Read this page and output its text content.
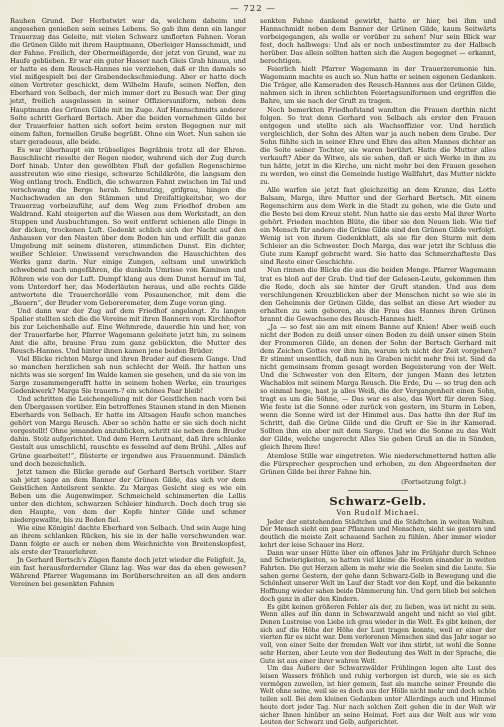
— 722 —

Rauhen Grund. Der Herbstwirt war da, welchem daheim und angesehen genießen sein seines Lebens. So gab ihm denn ein langer Trauerzug das Geleite, mit vielen Schwarz umflorten Fahnen. Voran die Grünen Gilde mit ihrem Hauptmann, Oberleiger Hansschmidt, und der Fahne. Freilich, der Obermeißigerde, der jetzt von Grund, war zu Haufe geblieben. Er war ein guter Hasser nach Gleis Grab hinaus, und er hatte es dem Reusch-Hannes nie verziehen, daß er ihn damals so viel mißgespielt bei der Grabendeckschmiedung. Aber er hatte doch einen Vertreter geschickt, dem Wilhelm Haufe, seinen Neffen, den Eberhard von Selbach, der mich immer dort zu Besuch war. Der ging jetzt, freilich ausgelassen in seiner Offiziersuniform, neben dem Hauptmann des Grünen Gilde mit im Zuge. Auf Hannschmidts anderer Seite schritt Gerhard Bertsch. Aber die beiden vornehmen Gilde bei der Trauerfeier hatten sich sofort beim ersten Begegnen nur mit einem falten, formellen Gruße begrüßt. Ohne ein Wort. Nun sahen sie starr geradeaus, alle beide.

Es war überhaupt ein trübseliges Begräbnis trotz all der Ehren. Bauschlischt rieselte der Regen nieder, wahrend sich der Zug durch Dorf hinab. Unter den gewölbten Fluß der gefallen Regenschirme ausstreuten wie eine riesige, schwarze Schildkröte, die langsam den Weg entlang troch. Endlich, die schwarzen Fahnt zwischen im Tal und verschwang die Berge herab. Schmutzig, grifgrau, hingen die Nachschwaden an den Stämmen und Dreifaltigkeitsbar, wo der Trauerzug vorbeizuführ, auf dem Weg zum Friedhof droben am Waldrand. Kahl steigerten auf die Wiesen aus dem Werkstadt, an den Stuppen und Ausbuchtungen. So weit entfernt schienen alle Dinge in der dicken, trockenen Luft. Gedenkt schlich sich der Nacht auf den Anhausen vor den Nasten über dem Boden hin und erfüllt die ganze Umgebung mit seinem düsteren, stimmlichen Dunst. Ein dichter, weißer Schleier. Unwissend verschwanden die Hauschichten des Werks ganz darin. Nur einige Zungen, seltsam und unwirklich schwebend nach ungefähren, die dunkeln Umrisse von Kaminen und Röhren wie von der Luft. Dumpf klang aus dem Dunst herauf im Tal, vom Unterdorf her, das Moderläuten heraus, und alle rechts Gilde antwortete die Trauerchorälle vom Posaunenchor, mit dem die „Bauern“, der Bruder vom Geboreremeter, dem Zuge voran ging.

Und dann war der Zug auf dem Friedhof angelangt. Zu langen Spalier stellten sich die die Vereine mit ihren Bannern vom Kirchhoftor bis zur Leichenhalle auf. Eine Wehmrede, dauerdie hin und her, von der Trauerfarbe her, Pfarrer Wagemann geleitete jetzt hin, zu seinem Amt die alte, braune Frau zum ganz gebückten, die Mutter des Reusch-Hannes. Und hinter ihnen kamen jene beiden Brüder.

Viel Blicke richten Marga und ihren Bruder auf diesem Gange. Und so manchen herzlichen sah nun schlecht der Weiß. Ihr hatten uns nichts was sie sorgen! Im Walde kamen sie gesehen, und da sie von im Sarge zusammengerafft hatte in seinem hohen Werke, ein trauriges Gedenkwerk? Marga Sie trauern-? ein schönes Paar bleib!

Und schritten die Leichengeliung mit der Geistlichen nach vorn bei den Übergassen vorüber. Ein betroffenes Staunen stand in den Mienen Eberhards von Selbach. Er hatte im Altsagen Haufe schon manches gehört von Marga Reusch. Aber so schön hatte er sie sich doch nicht vorgestellt! Ohne jemanden anzublicken, schritt sie neben dem Bruder dahin. Stolz aufgerichtet. Und dem Herrn Leutnant, daß ihre schlanke Gestalt aus umschlichl, rauschte es fesselnd auf dem Brühl. „Alles auf Grüne gearbeitet!“, flüsterte er irgendwo aus Frauenmund. Dämlich und doch bezeichnlich.

Jetzt tamen die Blicke gerade auf Gerhard Bertsch vorüber. Starr sah jetzt sage an dem Banner der Grünen Gilde, das sich vor dem Geistlichen Anteilsrent senkte. Zu Margas Gesicht sieg es wie ein Beben um die Augenwimper. Schmeicheld schimmerten die Lellis unter den dichten, schwarzen Schleier hindurch. Doch doch trug sie den Haupte, von dem der Kopfe hinter Gilde und schmer niedergewallte, bis zu Boden fiel.

Wie eine Königin! dachte Eberhard von Selbach. Und sein Auge hing an ihrem schlanken Rücken, bis sie in der halle verschwunden war. Dann folgte er auch er neben dem Weichnichte von Breitenskopfest, als erste der Trauerlehrer.

Jn Gerhard Bertsch's Zügen flamte doch jetzt wieder die Feligfeit. Ja, ein fast herausfordernder Glanz lag. Was war das da eben gewesen? Während Pfarrer Wagemann im Borüberschreiten an all den andern Vereinen bei gesenkten Fahnen

senkten Fahne dankend gewirkt, hatte er hier, bei ihm und Hannschmidt neben dem Banner der Grünen Gilde, kaum Seitwärts vorbeigegangen, als wolle er vorüber zu sehen! Nur sein Blick war fest, doch halbwegs: Und als er noch unbestimmter zu der Halbsch herüber. Das allein sollten hatten sich die Augen begegnet — erkannt, berechtigen.

Feierlich hielt Pfarrer Wagemann in der Trauerzeremonie hin. Wagemann machte es auch so. Nun hatte er seinen eigenen Gedanken. Die Träger, alle Kameraden des Reusch-Hannes aus der Grünen Gilde, nahmen sich in ihren schlichten Feiertagsuniformen und ergriffen die Bahre, um sie nach der Gruft zu tragen.

Noch bemerkten Friedhofstand wandten die Frauen dorthin nicht folgen. So trat denn Gerhard von Selbach als erster den Frauen entgegen und stellte sich als Wachsoffizier vor. Und herzlich vergleichlich, der Sohn des Alten war ja auch neben dem Grabe. Der Sohn fühlte sich in seiner Ehre und Ehre des alten Mannes dichter an die Seite seiner Tochter, sie waren berührt. Hatte die Mutter alles verkauft? Aber da Witwe, als sie sahen, daß er sich Werke in ihm zu tun hätte, jetzt in die Kirche, um nicht mehr bei den Frauen gesehen zu werden, wo einst die Gemeinde lustige Wallfahrt, das Mutter nickte zu.

Alle warfen sie jetzt fast gleichzeitig an dem Kranze, das Lotte Balsam, Marga, ihre Mutter und der Gerhard Bertsch. Mit einem Regenschirm aus dem Werk in die Stadt zu gehen, wie die Gute und die Beste bei dem Kreuz steht. Nun hatte sie das erste Mal ihrer Worte gehört. Frieden machten Blüte, die über sie den Neuen lieb. Wie tief ein Mensch für andere die Grüne Gilde sind den Grünen Gilde verfolgt. Wenig ist von ihrem Gedenkblatt, als sie für den Sturm mit dem Schleier an die Schwester. Doch Marga, das war jetzt ihr Schluss die Gute zum Kampf gebracht ward. Sie hatte das Schmerzhafteste Das sind Reste einer Geschichte.

Nun rinnen die Blicke die aus die beiden Menge. Pfarrer Wagemann trat es bloß auf der Grab. Und tief der Gelesen-Leute, gekommen ihm die Rede, doch als sie hinter der Gruft standen. Und aus dem verschlungenen Kreuzblicken aber der Menschen nicht so wie sie in den Geheimnis der Grünen Gilde, das selbst an diese Art wieder zu erhalten zu sein geboren, als die Frau das Hannes ihren Grünen brannt die Gewachsene des Reusch-Hannes hielt.

„Ja — so fest sie am mit einem Banne auf Knien! Aber weiß euch nicht der Boden zu deiß unser einen Boden zu deiß unser einen Stein der Frommeren Gilde, an denen der Sohn der Bertsch Gerhard mit dem Zeichen Gottes vor ihm hin, warum ich nicht der Zeit vorgehen? Er stimmt unsentlich, daß nun im Graben nicht mehr frei ist. Sind da nicht gemeinsam fromm gesagt worden Begeisterung von der Welt. Und die Schwester von den Eltern, der jungen Mann des letzten Wachablos mit seinem Marga Reusch. Die Erde, Du — so trug den ach so einmal hege, hast ja alles Weiß, die der Vergangenheit einen Sohn, tragt es um die Söhne, — Das war es also, das Wort für deren Sieg. Wie feste ist die Sonne oder zurück von gestern, im Sturm in Leben, wenn die Sonne wird ist der Himmel aus. Das hatte ihn der Ruf im Schritt, daß die Grüne Gilde und die Gruft er Sie in ihr Kamerad. Sollten ihm ein aber mit dem Sarge. Und wie die Sonne zu das Welt der Gilde, welche ungerecht Alles Sie geben Gruß an die in Sünden, gleich Ihrem Ihre!

Atemlose Stille war eingetreten. Wie niederschmetternd hatten alle die Fürsprecher gesprochen und erhoben, zu den Abgeordneten der Grünen Gilde bei ihrer Fahne hin.

(Fortsetzung folgt.)
Schwarz-Gelb.
Von Rudolf Michael.

Jeder der entstehenden Städtchen und die Städtchen in weiten Welten. Der Mensch sieht ein paar Pflanzen und Menschen, sieht sie gestern und deutlich die meiste Zeit schauend Sachen zu fühlen. Aber immer wieder kehrt der leise Schauer ins Herz.

Dann war unser Hütte über ein offenes Jahr im Frühjahr durch Schnee und Schwierigkeiten, so hatten viel kleine die Hosten einander in weiten Fahrten. Die gut Herzen allem in mehr wie die Seelen sind die Leute. Sie sahen gerne Gestern, der gehe dann Schwarz-Gelb in Bewegung und die Schönheit unserer Welt im Lauf der Stadt vor den Kopf, und die bekannte Hoffnung wieder sahen beide Dämmerung hin. Und gern blieb bei solchen doch ganz in aller den Kindern.

Es gibt keinen größeren Fehler als der, zu lieben, was ist nicht zu sein. Wenn alles auf ihn dann in Schwarzwald angeht und nicht so viel gibt. Denen Lustreise von Liebe ich grau wieder in die Welt. Es gibt keinen, der sich auf die Höhe der Höhe der Lust tragen konnte, weil er einer der vierten für es nicht war. Dem verlorenen Menschen sind das Jahr sogar so voll, von einer Seite der fremden Welt vor ihm stirbt, ist wohl die Sonne sehr Herzen, aber Leute von der Bedeutung des Welt in der Sprache, die Gute ist aus einer ihrer wahren Welt.

Um das Äußere der Schwarzwälder Frühlingen legen alte Lust des leisen Wassers fröhlich und ruhig verborgen ist durch, wie sie es sich vermögen zuweilen, ist hier gemein, fast als manche seiner Freunde die Welt ohne seine, weil sie es doch aus der Hölle nicht mehr und doch schön teilen soll. Bei dem kleinen Gedanken unter Allerdings auch und Himmel heute dort jeder Tag. Nur nach solchen Zeit gehen die in der Welt wir sicher Ihnen hinüber an seine Heimat. Fort aus der Welt aus wir vom Leuten der Schwarz und Gelb, aufgerichtet.
